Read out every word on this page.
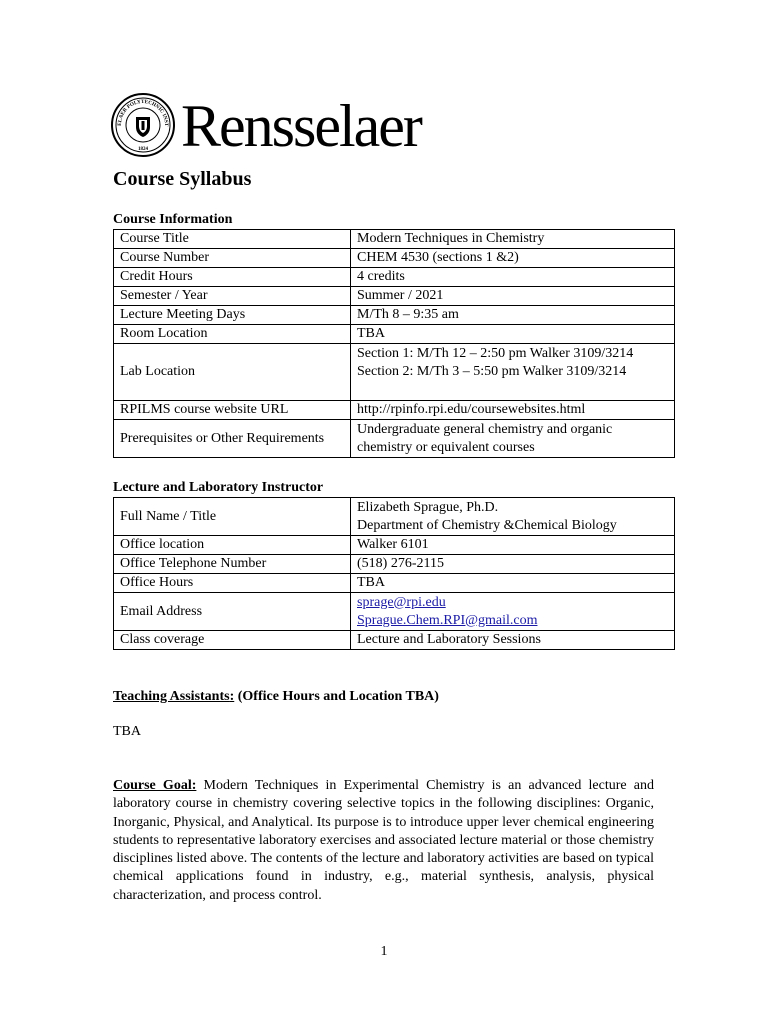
ELAER POLYTECHNIC INST
1824 Rensselaer
Course Syllabus
Course Information
Course Title	Modern Techniques in Chemistry

Course Number	CHEM 4530 (sections 1 &2)

Credit Hours	4 credits

Semester / Year	Summer / 2021

Lecture Meeting Days	M/Th 8 – 9:35 am

Room Location	TBA

Lab Location	Section 1: M/Th 12 – 2:50 pm Walker 3109/3214
Section 2: M/Th 3 – 5:50 pm Walker 3109/3214

RPILMS course website URL	http://rpinfo.rpi.edu/coursewebsites.html

Prerequisites or Other Requirements	Undergraduate general chemistry and organic
chemistry or equivalent courses
Lecture and Laboratory Instructor
Full Name / Title	Elizabeth Sprague, Ph.D.
Department of Chemistry &Chemical Biology

Office location	Walker 6101

Office Telephone Number	(518) 276-2115

Office Hours	TBA

Email Address	sprage@rpi.edu
Sprague.Chem.RPI@gmail.com

Class coverage	Lecture and Laboratory Sessions
Teaching Assistants: (Office Hours and Location TBA)
TBA

Course Goal: Modern Techniques in Experimental Chemistry is an advanced lecture and laboratory course in chemistry covering selective topics in the following disciplines: Organic, Inorganic, Physical, and Analytical. Its purpose is to introduce upper lever chemical engineering students to representative laboratory exercises and associated lecture material or those chemistry disciplines listed above. The contents of the lecture and laboratory activities are based on typical chemical applications found in industry, e.g., material synthesis, analysis, physical characterization, and process control.

1
